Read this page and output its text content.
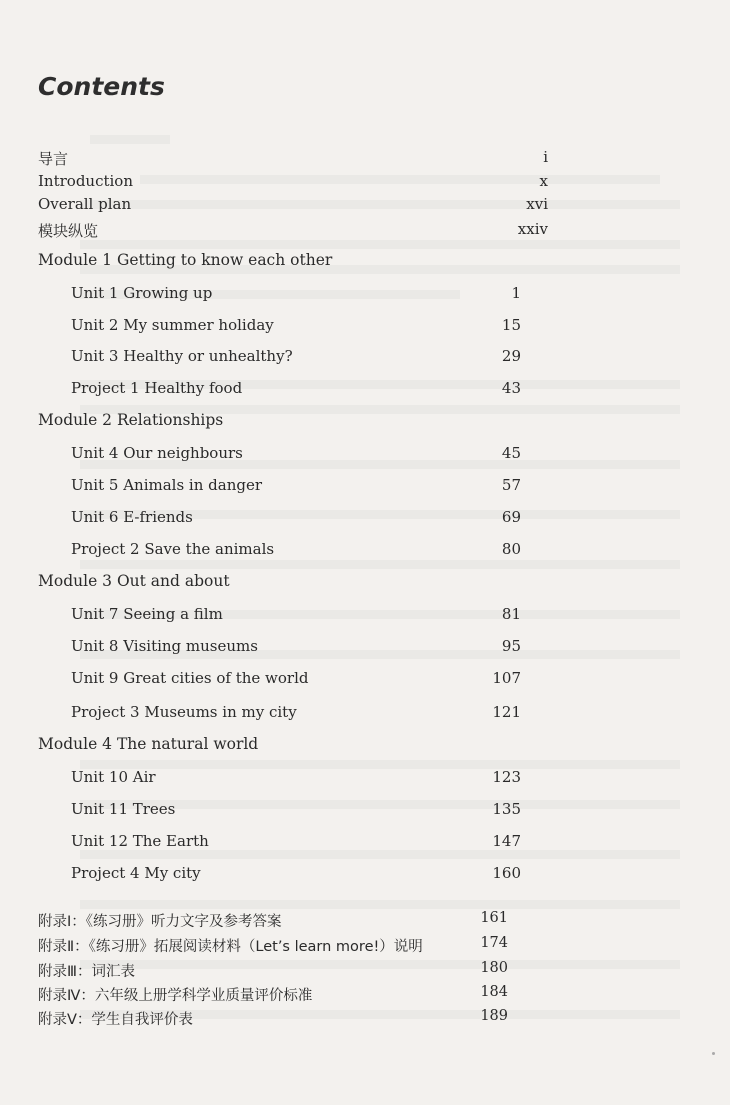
Contents
导言	i
Introduction	x
Overall plan	xvi
模块纵览	xxiv
Module 1 Getting to know each other
Unit 1 Growing up	1
Unit 2 My summer holiday	15
Unit 3 Healthy or unhealthy?	29
Project 1 Healthy food	43
Module 2 Relationships
Unit 4 Our neighbours	45
Unit 5 Animals in danger	57
Unit 6 E-friends	69
Project 2 Save the animals	80
Module 3 Out and about
Unit 7 Seeing a film	81
Unit 8 Visiting museums	95
Unit 9 Great cities of the world	107
Project 3 Museums in my city	121
Module 4 The natural world
Unit 10 Air	123
Unit 11 Trees	135
Unit 12 The Earth	147
Project 4 My city	160
附录Ⅰ：《练习册》听力文字及参考答案	161
附录Ⅱ：《练习册》拓展阅读材料（Let’s learn more!）说明	174
附录Ⅲ：词汇表	180
附录Ⅳ：六年级上册学科学业质量评价标准	184
附录Ⅴ：学生自我评价表	189
